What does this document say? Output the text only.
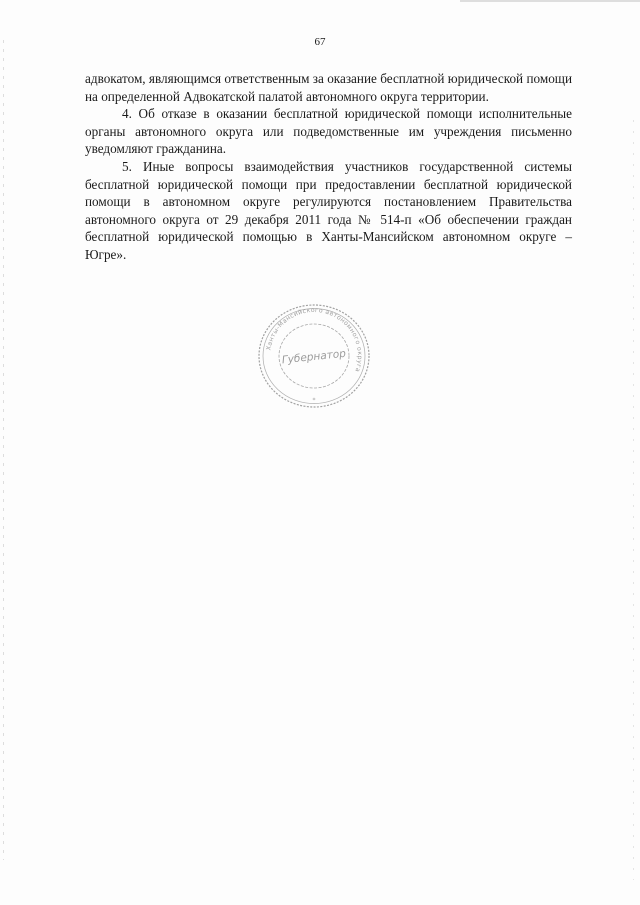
67

адвокатом, являющимся ответственным за оказание бесплатной юридической помощи на определенной Адвокатской палатой автономного округа территории.

4. Об отказе в оказании бесплатной юридической помощи исполнительные органы автономного округа или подведомственные им учреждения письменно уведомляют гражданина.

5. Иные вопросы взаимодействия участников государственной системы бесплатной юридической помощи при предоставлении бесплатной юридической помощи в автономном округе регулируются постановлением Правительства автономного округа от 29 декабря 2011 года № 514-п «Об обеспечении граждан бесплатной юридической помощью в Ханты-Мансийском автономном округе – Югре».

Ханты-Мансийского автономного округа
Губернатор
*
